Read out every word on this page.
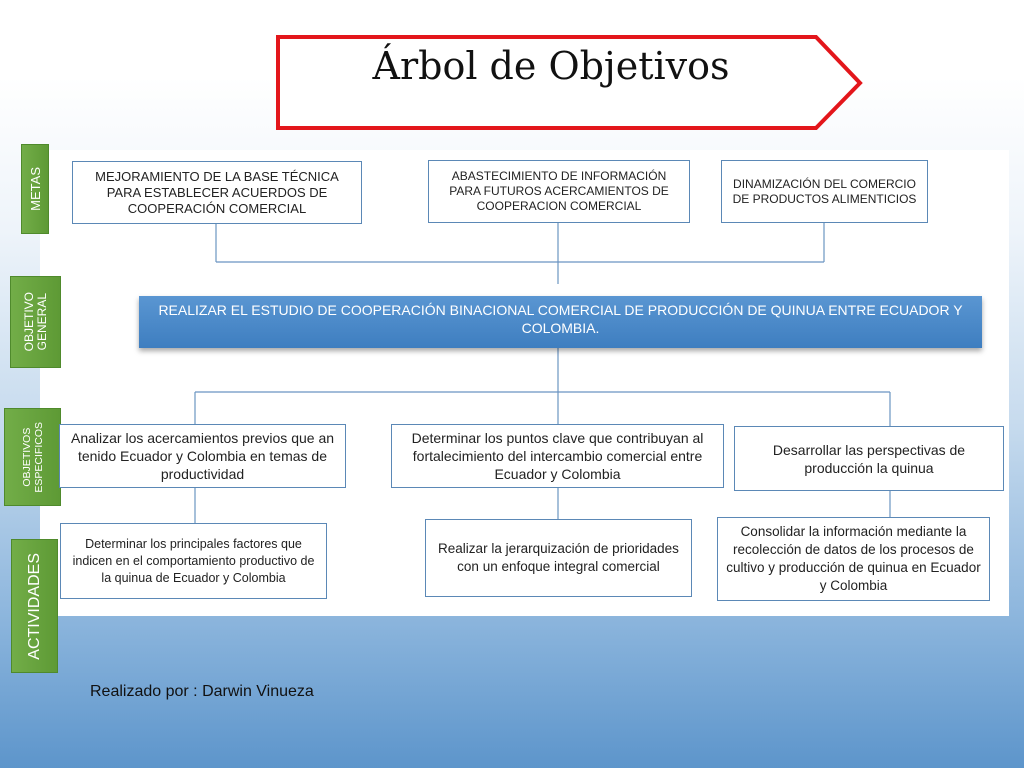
Árbol de Objetivos
METAS
OBJETIVO
GENERAL
OBJETIVOS
ESPECIFICOS
ACTIVIDADES
MEJORAMIENTO DE LA BASE TÉCNICA PARA ESTABLECER ACUERDOS DE COOPERACIÓN COMERCIAL
ABASTECIMIENTO DE INFORMACIÓN PARA FUTUROS ACERCAMIENTOS DE COOPERACION COMERCIAL
DINAMIZACIÓN DEL COMERCIO DE PRODUCTOS ALIMENTICIOS
REALIZAR EL ESTUDIO DE COOPERACIÓN BINACIONAL COMERCIAL DE PRODUCCIÓN DE QUINUA ENTRE ECUADOR Y COLOMBIA.
Analizar los acercamientos previos que an tenido Ecuador y Colombia en temas de productividad
Determinar los puntos clave que contribuyan al fortalecimiento del intercambio comercial entre Ecuador y Colombia
Desarrollar las perspectivas de producción la quinua
Determinar los principales factores que indicen en el comportamiento productivo de la quinua de Ecuador y Colombia
Realizar la jerarquización de prioridades con un enfoque integral comercial
Consolidar la información mediante la recolección de datos de los procesos de cultivo y producción de quinua en Ecuador y Colombia
Realizado por : Darwin Vinueza
